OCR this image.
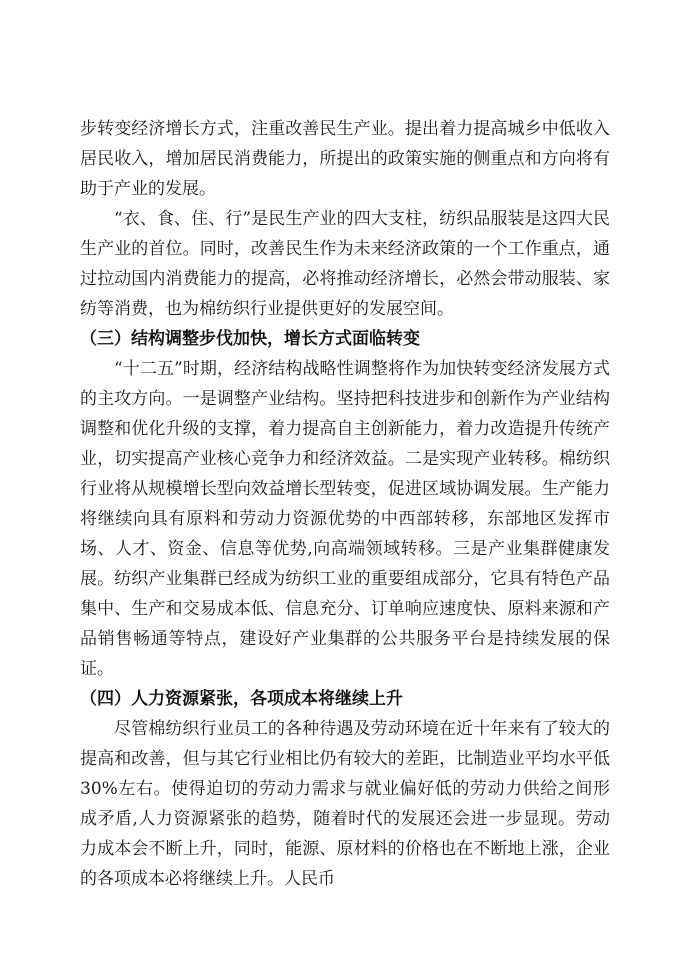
步转变经济增长方式，注重改善民生产业。提出着力提高城乡中低收入居民收入，增加居民消费能力，所提出的政策实施的侧重点和方向将有助于产业的发展。

“衣、食、住、行”是民生产业的四大支柱，纺织品服装是这四大民生产业的首位。同时，改善民生作为未来经济政策的一个工作重点，通过拉动国内消费能力的提高，必将推动经济增长，必然会带动服装、家纺等消费，也为棉纺织行业提供更好的发展空间。

（三）结构调整步伐加快，增长方式面临转变

“十二五”时期，经济结构战略性调整将作为加快转变经济发展方式的主攻方向。一是调整产业结构。坚持把科技进步和创新作为产业结构调整和优化升级的支撑，着力提高自主创新能力，着力改造提升传统产业，切实提高产业核心竞争力和经济效益。二是实现产业转移。棉纺织行业将从规模增长型向效益增长型转变，促进区域协调发展。生产能力将继续向具有原料和劳动力资源优势的中西部转移，东部地区发挥市场、人才、资金、信息等优势,向高端领域转移。三是产业集群健康发展。纺织产业集群已经成为纺织工业的重要组成部分，它具有特色产品集中、生产和交易成本低、信息充分、订单响应速度快、原料来源和产品销售畅通等特点，建设好产业集群的公共服务平台是持续发展的保证。

（四）人力资源紧张，各项成本将继续上升

尽管棉纺织行业员工的各种待遇及劳动环境在近十年来有了较大的提高和改善，但与其它行业相比仍有较大的差距，比制造业平均水平低 30%左右。使得迫切的劳动力需求与就业偏好低的劳动力供给之间形成矛盾,人力资源紧张的趋势，随着时代的发展还会进一步显现。劳动力成本会不断上升，同时，能源、原材料的价格也在不断地上涨，企业的各项成本必将继续上升。人民币
